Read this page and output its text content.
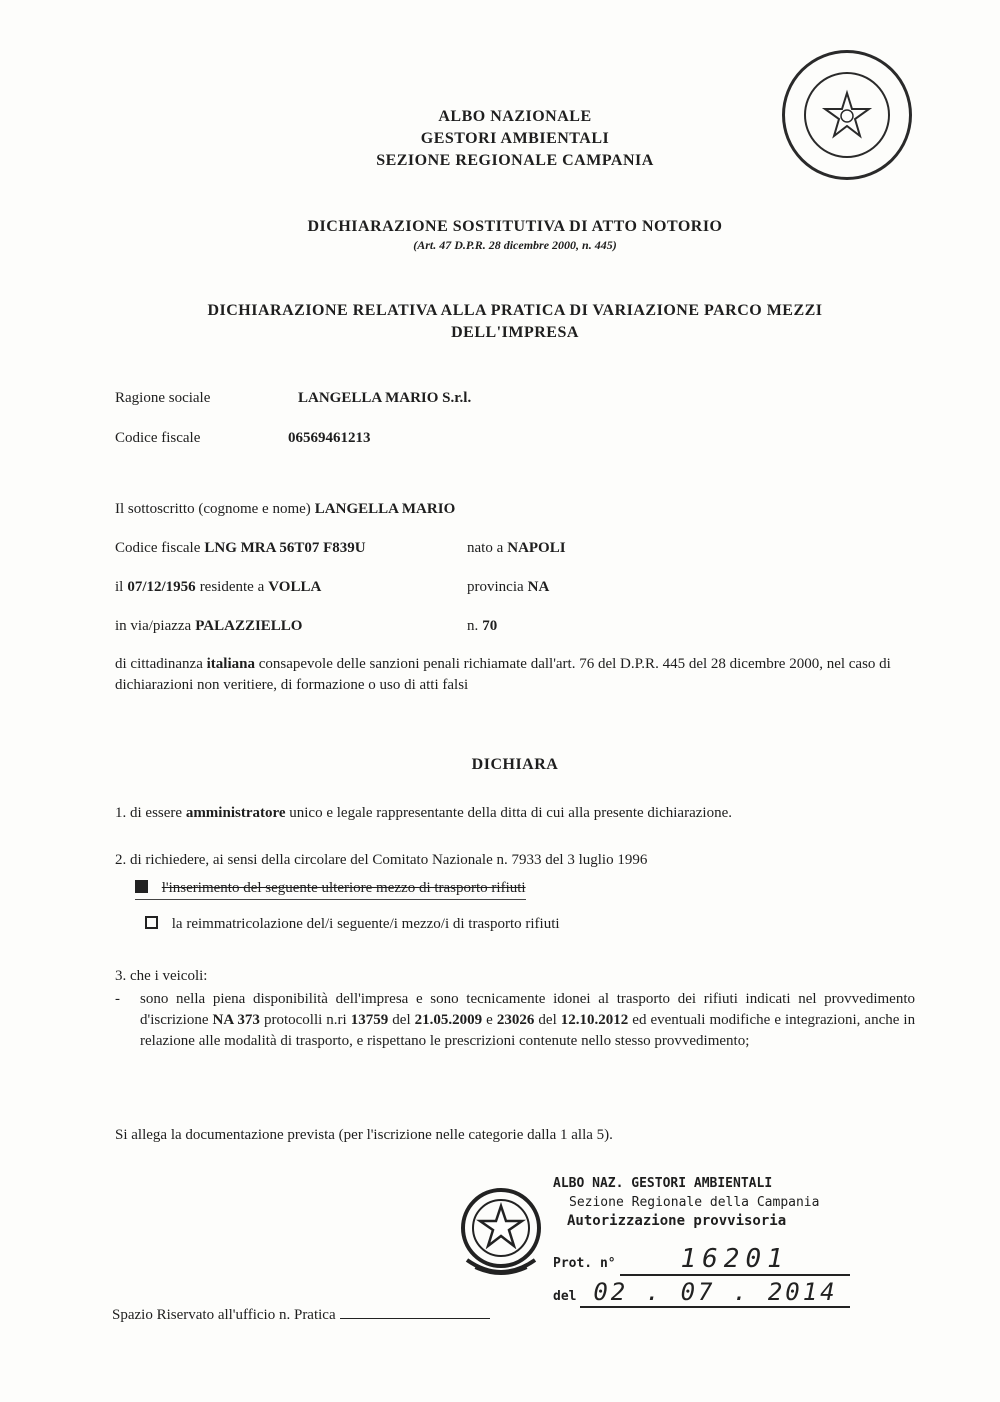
ALBO NAZIONALE
GESTORI AMBIENTALI
SEZIONE REGIONALE CAMPANIA
DICHIARAZIONE SOSTITUTIVA DI ATTO NOTORIO
(Art. 47 D.P.R. 28 dicembre 2000, n. 445)
DICHIARAZIONE RELATIVA ALLA PRATICA DI VARIAZIONE PARCO MEZZI
DELL'IMPRESA
Ragione sociale	LANGELLA MARIO S.r.l.
Codice fiscale	06569461213
Il sottoscritto (cognome e nome) LANGELLA MARIO
Codice fiscale LNG MRA 56T07 F839U	nato a NAPOLI
il 07/12/1956 residente a VOLLA	provincia NA
in via/piazza PALAZZIELLO	n. 70
di cittadinanza italiana consapevole delle sanzioni penali richiamate dall'art. 76 del D.P.R. 445 del 28 dicembre 2000, nel caso di dichiarazioni non veritiere, di formazione o uso di atti falsi
DICHIARA
1. di essere amministratore unico e legale rappresentante della ditta di cui alla presente dichiarazione.
2. di richiedere, ai sensi della circolare del Comitato Nazionale n. 7933 del 3 luglio 1996
l'inserimento del seguente ulteriore mezzo di trasporto rifiuti
la reimmatricolazione del/i seguente/i mezzo/i di trasporto rifiuti
3. che i veicoli:
- sono nella piena disponibilità dell'impresa e sono tecnicamente idonei al trasporto dei rifiuti indicati nel provvedimento d'iscrizione NA 373 protocolli n.ri 13759 del 21.05.2009 e 23026 del 12.10.2012 ed eventuali modifiche e integrazioni, anche in relazione alle modalità di trasporto, e rispettano le prescrizioni contenute nello stesso provvedimento;
Si allega la documentazione prevista (per l'iscrizione nelle categorie dalla 1 alla 5).
ALBO NAZ. GESTORI AMBIENTALI
Sezione Regionale della Campania
Autorizzazione provvisoria
Prot. n° 16201
del 02 . 07 . 2014
Spazio Riservato all'ufficio n. Pratica
